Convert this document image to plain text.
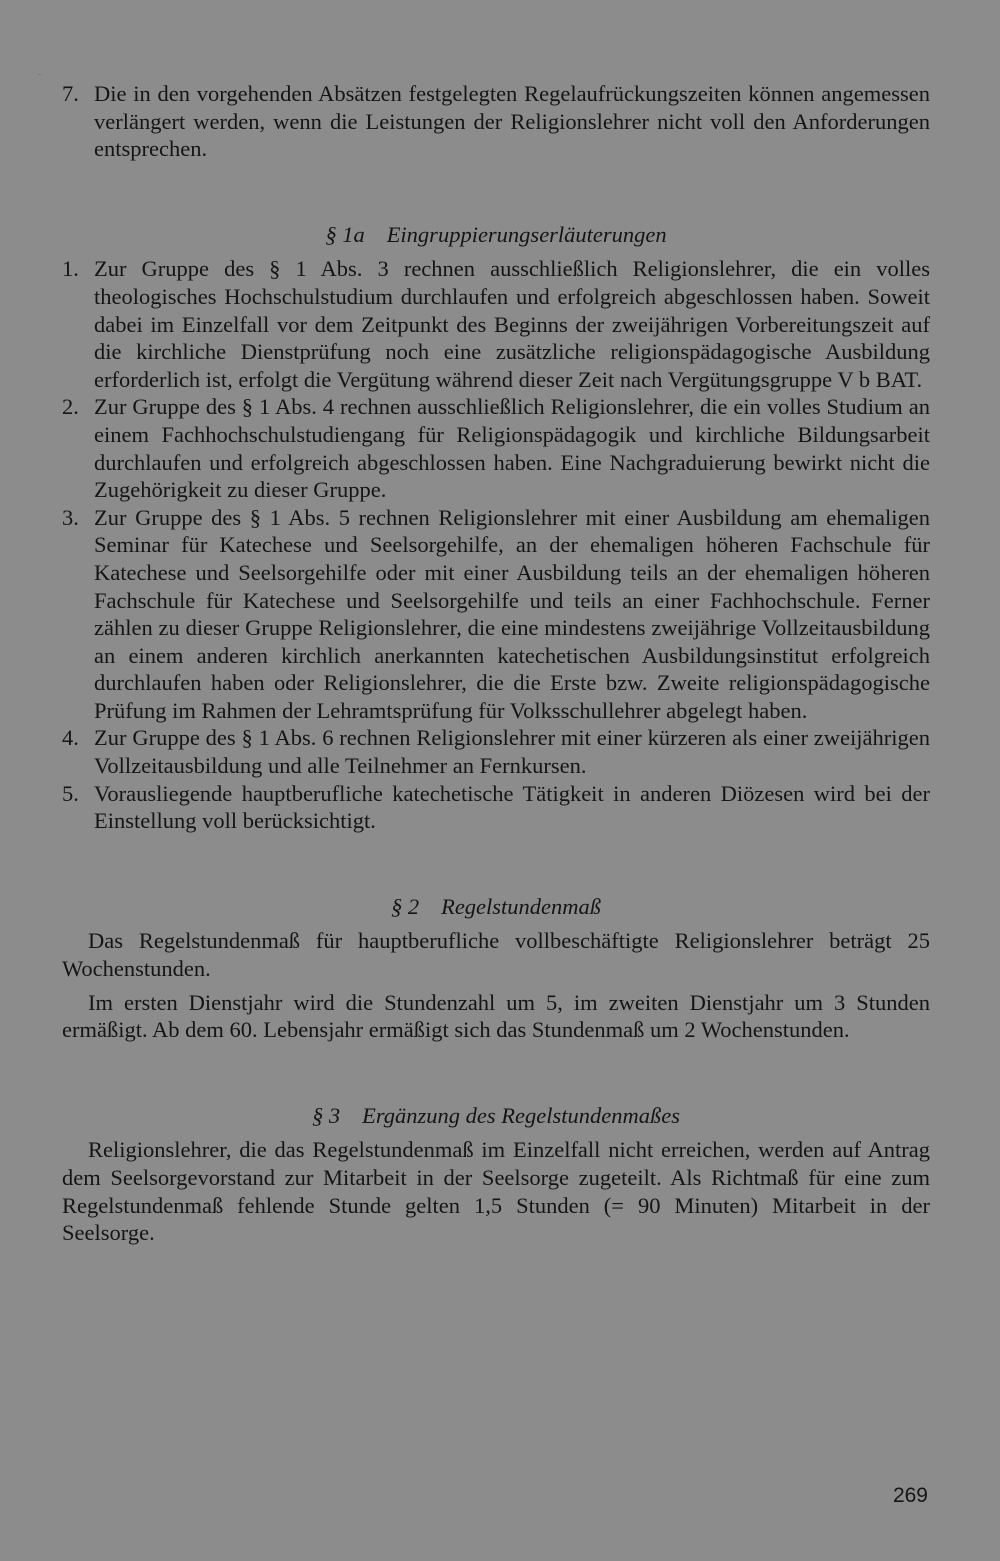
7. Die in den vorgehenden Absätzen festgelegten Regelaufrückungszeiten können angemessen verlängert werden, wenn die Leistungen der Religionslehrer nicht voll den Anforderungen entsprechen.
§ 1a Eingruppierungserläuterungen
1. Zur Gruppe des § 1 Abs. 3 rechnen ausschließlich Religionslehrer, die ein volles theologisches Hochschulstudium durchlaufen und erfolgreich abgeschlossen haben. Soweit dabei im Einzelfall vor dem Zeitpunkt des Beginns der zweijährigen Vorbereitungszeit auf die kirchliche Dienstprüfung noch eine zusätzliche religionspädagogische Ausbildung erforderlich ist, erfolgt die Vergütung während dieser Zeit nach Vergütungsgruppe V b BAT.
2. Zur Gruppe des § 1 Abs. 4 rechnen ausschließlich Religionslehrer, die ein volles Studium an einem Fachhochschulstudiengang für Religionspädagogik und kirchliche Bildungsarbeit durchlaufen und erfolgreich abgeschlossen haben. Eine Nachgraduierung bewirkt nicht die Zugehörigkeit zu dieser Gruppe.
3. Zur Gruppe des § 1 Abs. 5 rechnen Religionslehrer mit einer Ausbildung am ehemaligen Seminar für Katechese und Seelsorgehilfe, an der ehemaligen höheren Fachschule für Katechese und Seelsorgehilfe oder mit einer Ausbildung teils an der ehemaligen höheren Fachschule für Katechese und Seelsorgehilfe und teils an einer Fachhochschule. Ferner zählen zu dieser Gruppe Religionslehrer, die eine mindestens zweijährige Vollzeitausbildung an einem anderen kirchlich anerkannten katechetischen Ausbildungsinstitut erfolgreich durchlaufen haben oder Religionslehrer, die die Erste bzw. Zweite religionspädagogische Prüfung im Rahmen der Lehramtsprüfung für Volksschullehrer abgelegt haben.
4. Zur Gruppe des § 1 Abs. 6 rechnen Religionslehrer mit einer kürzeren als einer zweijährigen Vollzeitausbildung und alle Teilnehmer an Fernkursen.
5. Vorausliegende hauptberufliche katechetische Tätigkeit in anderen Diözesen wird bei der Einstellung voll berücksichtigt.
§ 2 Regelstundenmaß
Das Regelstundenmaß für hauptberufliche vollbeschäftigte Religionslehrer beträgt 25 Wochenstunden.
Im ersten Dienstjahr wird die Stundenzahl um 5, im zweiten Dienstjahr um 3 Stunden ermäßigt. Ab dem 60. Lebensjahr ermäßigt sich das Stundenmaß um 2 Wochenstunden.
§ 3 Ergänzung des Regelstundenmaßes
Religionslehrer, die das Regelstundenmaß im Einzelfall nicht erreichen, werden auf Antrag dem Seelsorgevorstand zur Mitarbeit in der Seelsorge zugeteilt. Als Richtmaß für eine zum Regelstundenmaß fehlende Stunde gelten 1,5 Stunden (= 90 Minuten) Mitarbeit in der Seelsorge.
269
